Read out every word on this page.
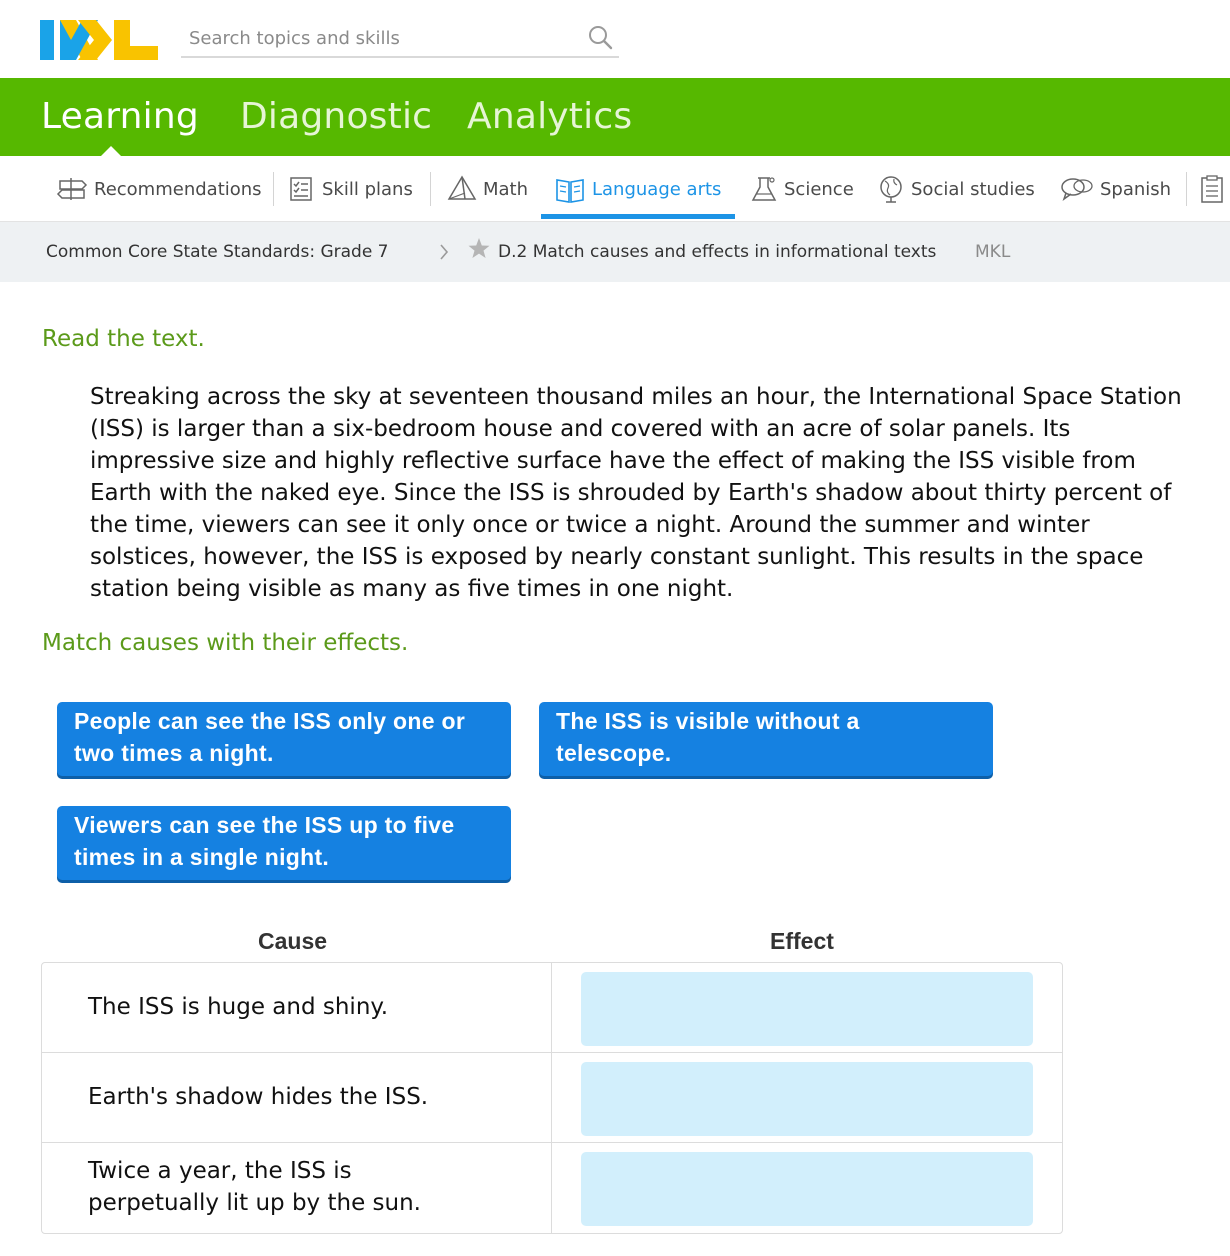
Search topics and skills
Learning Diagnostic Analytics
Recommendations	Skill plans	Math	Language arts	Science	Social studies	Spanish
Common Core State Standards: Grade 7	D.2 Match causes and effects in informational texts MKL
Read the text.
Streaking across the sky at seventeen thousand miles an hour, the International Space Station (ISS) is larger than a six-bedroom house and covered with an acre of solar panels. Its impressive size and highly reflective surface have the effect of making the ISS visible from Earth with the naked eye. Since the ISS is shrouded by Earth's shadow about thirty percent of the time, viewers can see it only once or twice a night. Around the summer and winter solstices, however, the ISS is exposed by nearly constant sunlight. This results in the space station being visible as many as five times in one night.
Match causes with their effects.
People can see the ISS only one or two times a night.
The ISS is visible without a telescope.
Viewers can see the ISS up to five times in a single night.
Cause	Effect
The ISS is huge and shiny.
Earth's shadow hides the ISS.
Twice a year, the ISS is perpetually lit up by the sun.
